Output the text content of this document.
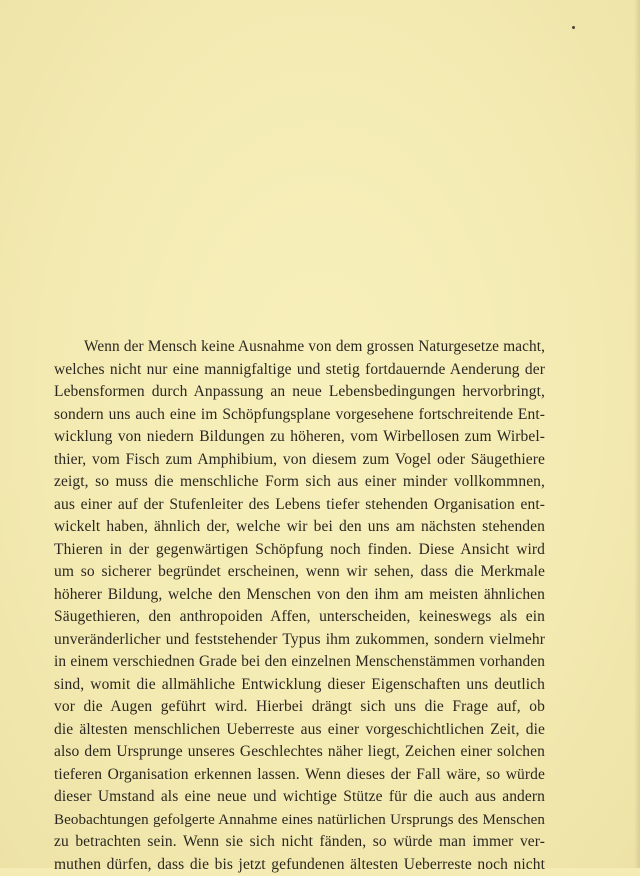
Wenn der Mensch keine Ausnahme von dem grossen Naturgesetze macht,
welches nicht nur eine mannigfaltige und stetig fortdauernde Aenderung der
Lebensformen durch Anpassung an neue Lebensbedingungen hervorbringt,
sondern uns auch eine im Schöpfungsplane vorgesehene fortschreitende Ent-
wicklung von niedern Bildungen zu höheren, vom Wirbellosen zum Wirbel-
thier, vom Fisch zum Amphibium, von diesem zum Vogel oder Säugethiere
zeigt, so muss die menschliche Form sich aus einer minder vollkommnen,
aus einer auf der Stufenleiter des Lebens tiefer stehenden Organisation ent-
wickelt haben, ähnlich der, welche wir bei den uns am nächsten stehenden
Thieren in der gegenwärtigen Schöpfung noch finden. Diese Ansicht wird
um so sicherer begründet erscheinen, wenn wir sehen, dass die Merkmale
höherer Bildung, welche den Menschen von den ihm am meisten ähnlichen
Säugethieren, den anthropoiden Affen, unterscheiden, keineswegs als ein
unveränderlicher und feststehender Typus ihm zukommen, sondern vielmehr
in einem verschiednen Grade bei den einzelnen Menschenstämmen vorhanden
sind, womit die allmähliche Entwicklung dieser Eigenschaften uns deutlich
vor die Augen geführt wird. Hierbei drängt sich uns die Frage auf, ob
die ältesten menschlichen Ueberreste aus einer vorgeschichtlichen Zeit, die
also dem Ursprunge unseres Geschlechtes näher liegt, Zeichen einer solchen
tieferen Organisation erkennen lassen. Wenn dieses der Fall wäre, so würde
dieser Umstand als eine neue und wichtige Stütze für die auch aus andern
Beobachtungen gefolgerte Annahme eines natürlichen Ursprungs des Menschen
zu betrachten sein. Wenn sie sich nicht fänden, so würde man immer ver-
muthen dürfen, dass die bis jetzt gefundenen ältesten Ueberreste noch nicht
